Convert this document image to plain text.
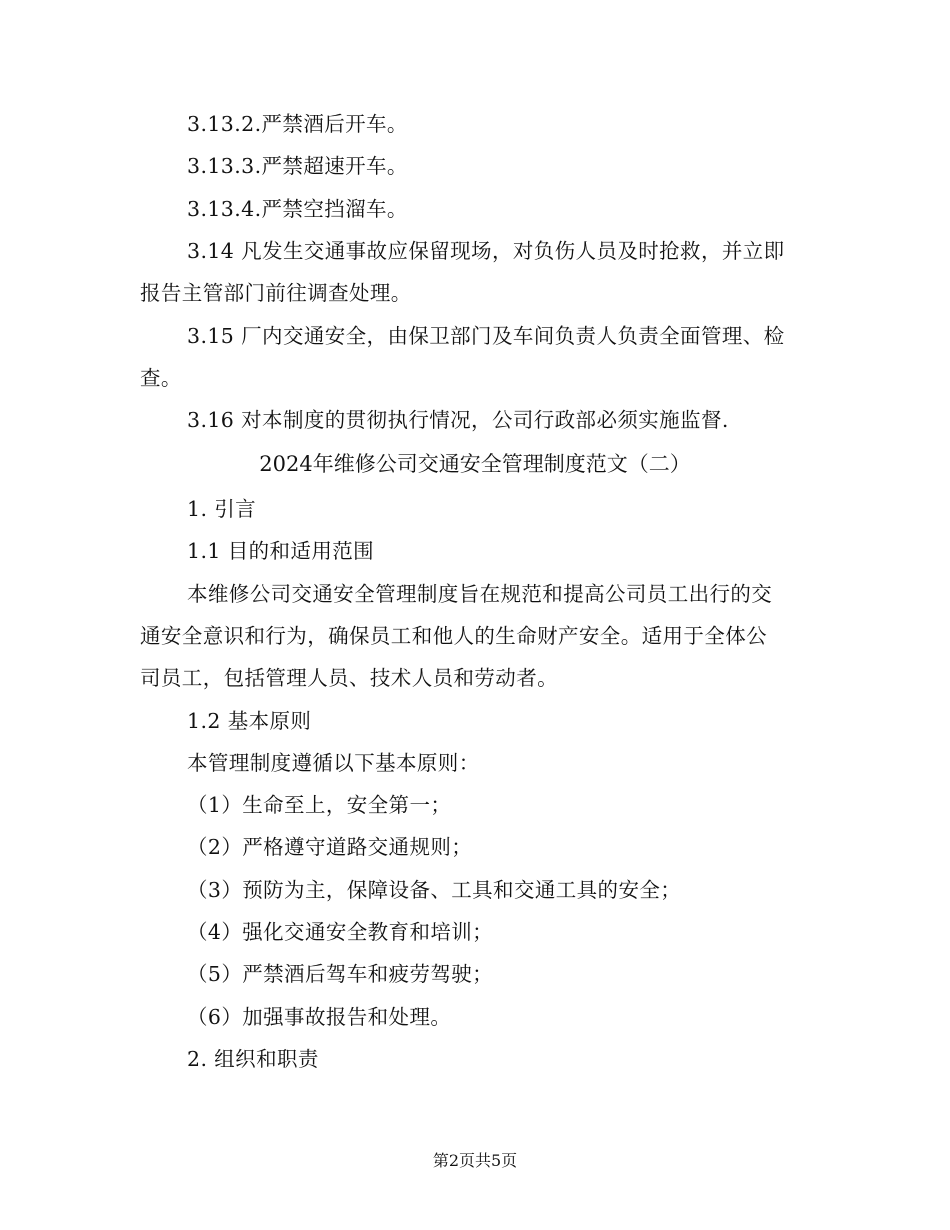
3.13.2.严禁酒后开车。
3.13.3.严禁超速开车。
3.13.4.严禁空挡溜车。
3.14 凡发生交通事故应保留现场，对负伤人员及时抢救，并立即
报告主管部门前往调查处理。
3.15 厂内交通安全，由保卫部门及车间负责人负责全面管理、检
查。
3.16 对本制度的贯彻执行情况，公司行政部必须实施监督.
2024年维修公司交通安全管理制度范文（二）
1. 引言
1.1 目的和适用范围
本维修公司交通安全管理制度旨在规范和提高公司员工出行的交
通安全意识和行为，确保员工和他人的生命财产安全。适用于全体公
司员工，包括管理人员、技术人员和劳动者。
1.2 基本原则
本管理制度遵循以下基本原则：
（1）生命至上，安全第一；
（2）严格遵守道路交通规则；
（3）预防为主，保障设备、工具和交通工具的安全；
（4）强化交通安全教育和培训；
（5）严禁酒后驾车和疲劳驾驶；
（6）加强事故报告和处理。
2. 组织和职责
第2页共5页
